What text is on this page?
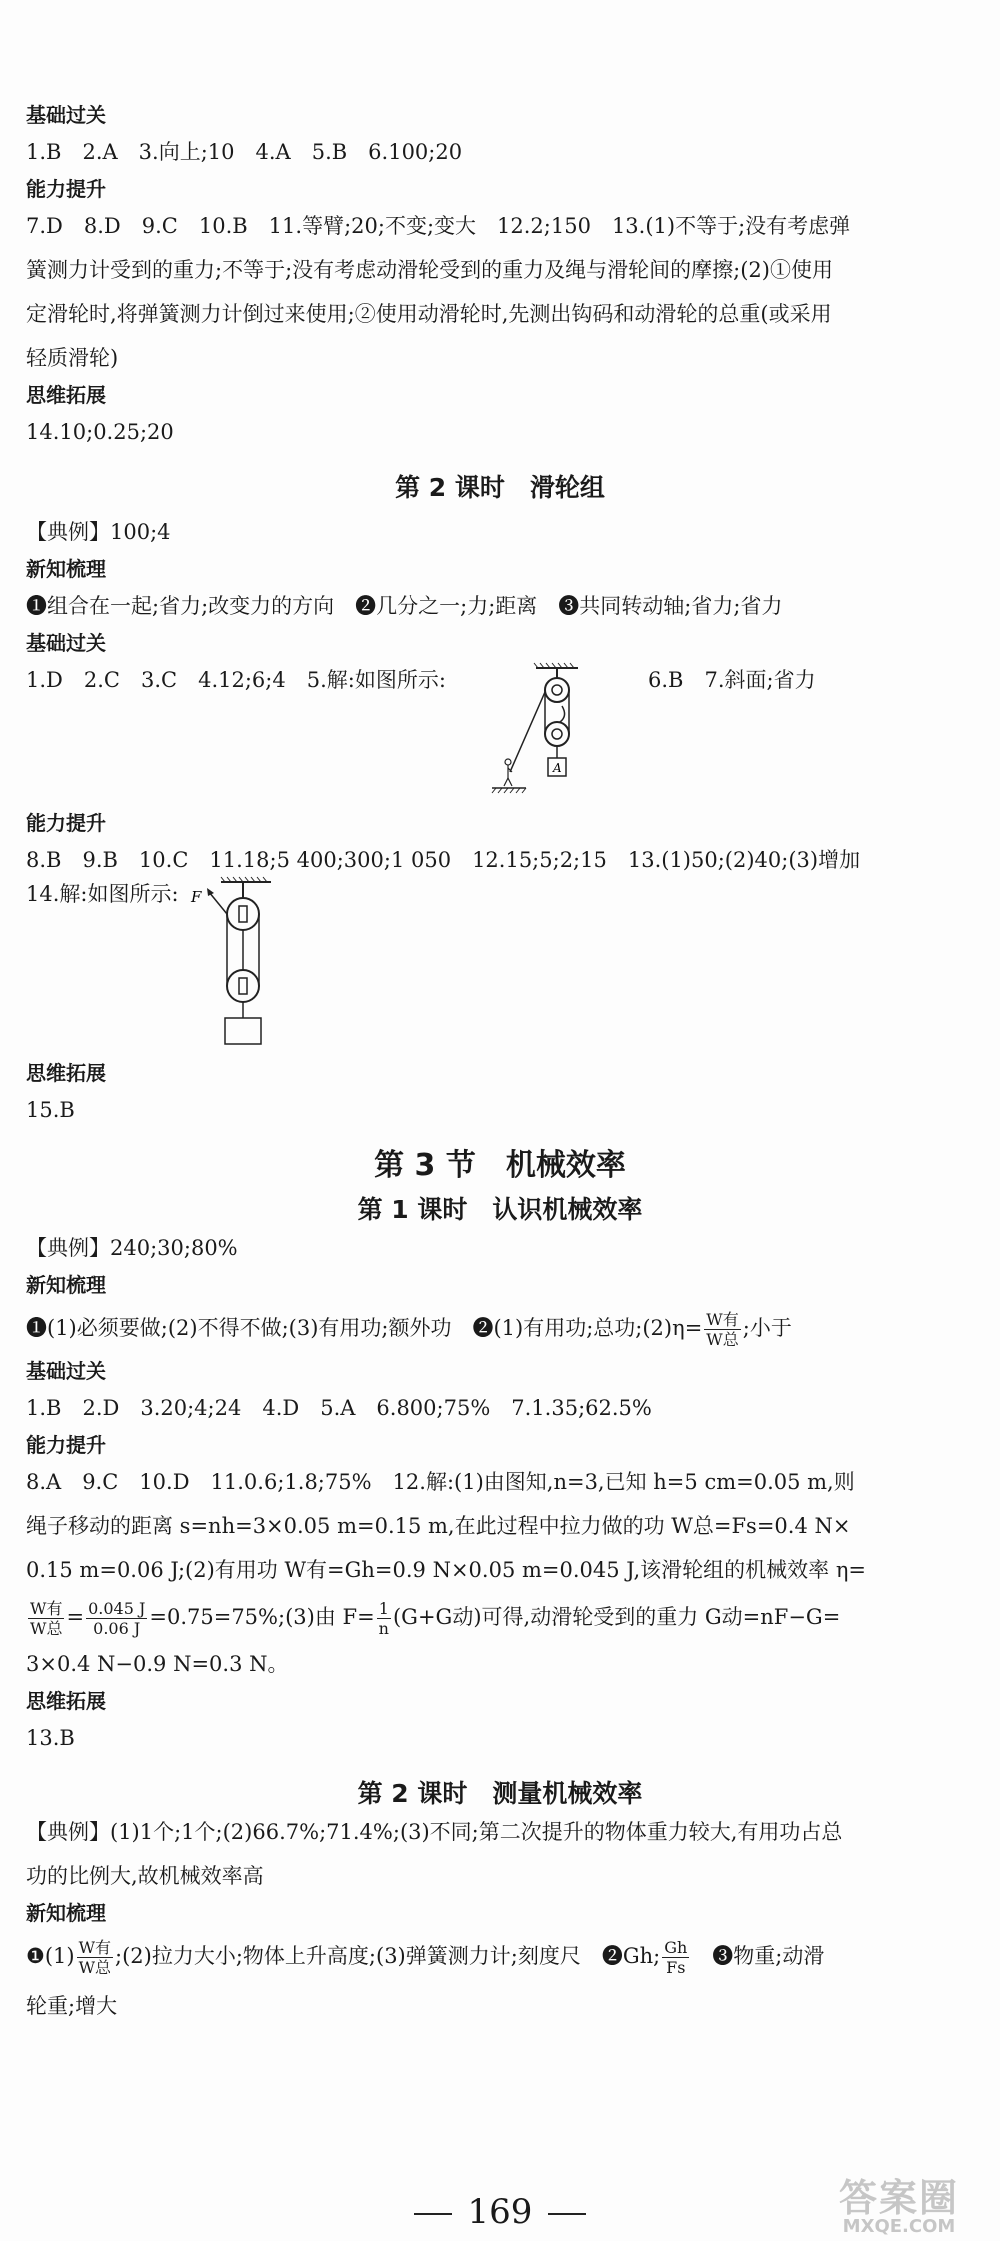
基础过关

1.B　2.A　3.向上;10　4.A　5.B　6.100;20

能力提升

7.D　8.D　9.C　10.B　11.等臂;20;不变;变大　12.2;150　13.(1)不等于;没有考虑弹

簧测力计受到的重力;不等于;没有考虑动滑轮受到的重力及绳与滑轮间的摩擦;(2)①使用

定滑轮时,将弹簧测力计倒过来使用;②使用动滑轮时,先测出钩码和动滑轮的总重(或采用

轻质滑轮)

思维拓展

14.10;0.25;20

第 2 课时　滑轮组

【典例】100;4

新知梳理

❶组合在一起;省力;改变力的方向　❷几分之一;力;距离　❸共同转动轴;省力;省力

基础过关

1.D　2.C　3.C　4.12;6;4　5.解:如图所示:
A
6.B　7.斜面;省力

能力提升

8.B　9.B　10.C　11.18;5 400;300;1 050　12.15;5;2;15　13.(1)50;(2)40;(3)增加

14.解:如图所示: F

思维拓展

15.B

第 3 节　机械效率

第 1 课时　认识机械效率

【典例】240;30;80%

新知梳理

❶(1)必须要做;(2)不得不做;(3)有用功;额外功　❷(1)有用功;总功;(2)η= $\frac{\text{W有}}{\text{W总}}$ ;小于

基础过关

1.B　2.D　3.20;4;24　4.D　5.A　6.800;75%　7.1.35;62.5%

能力提升

8.A　9.C　10.D　11.0.6;1.8;75%　12.解:(1)由图知,n=3,已知 h=5 cm=0.05 m,则

绳子移动的距离 s=nh=3×0.05 m=0.15 m,在此过程中拉力做的功 W总=Fs=0.4 N×

0.15 m=0.06 J;(2)有用功 W有=Gh=0.9 N×0.05 m=0.045 J,该滑轮组的机械效率 η=

$\frac{\text{W有}}{\text{W总}} = \frac{0.045 J}{0.06 J}$ =0.75=75%;(3)由 $F= \frac{1}{n} (G+G$动)可得,动滑轮受到的重力 G动=nF−G=

3×0.4 N−0.9 N=0.3 N。

思维拓展

13.B

第 2 课时　测量机械效率

【典例】(1)1个;1个;(2)66.7%;71.4%;(3)不同;第二次提升的物体重力较大,有用功占总

功的比例大,故机械效率高

新知梳理

❶(1) $\frac{\text{W有}}{\text{W总}}$ ;(2)拉力大小;物体上升高度;(3)弹簧测力计;刻度尺　❷Gh; $\frac{Gh}{Fs}$ 　❸物重;动滑

轮重;增大

169	答案圈
MXQE.COM
